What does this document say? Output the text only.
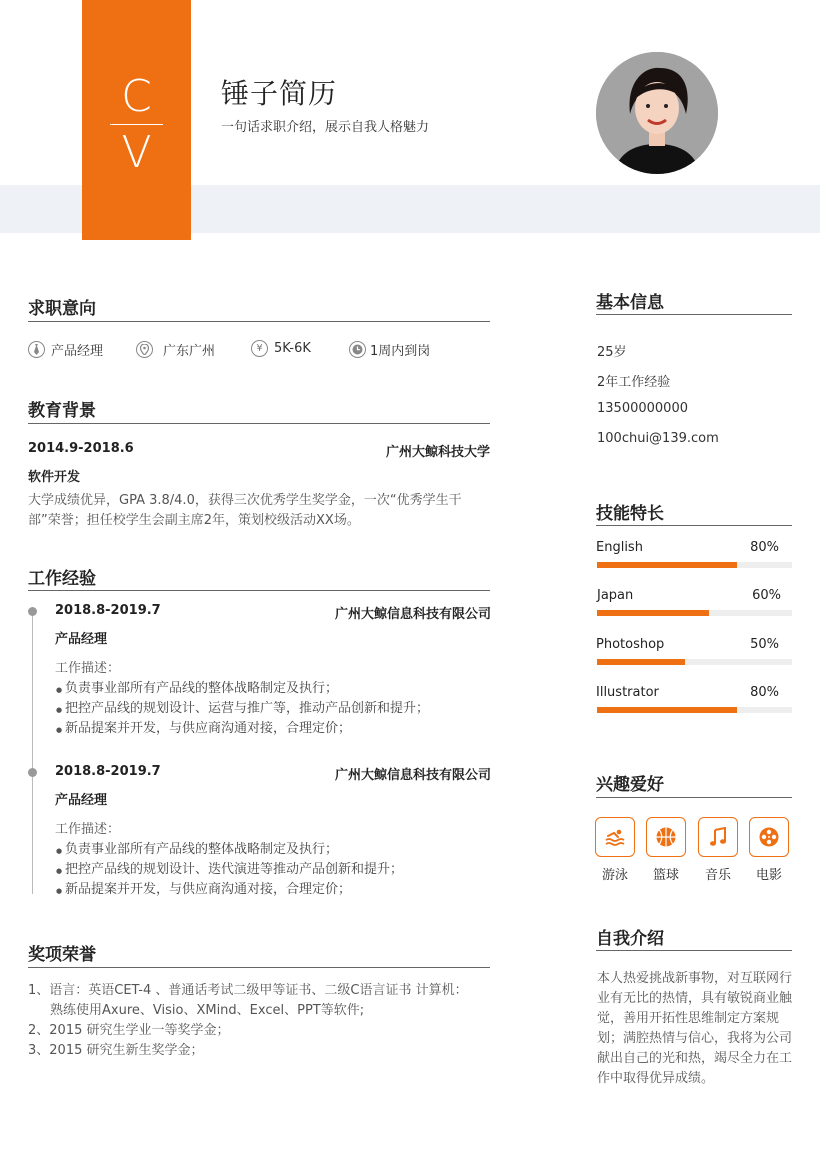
C
V
锤子简历
一句话求职介绍，展示自我人格魅力
求职意向
产品经理	广东广州	¥ 5K-6K	1周内到岗
教育背景
2014.9-2018.6	广州大鲸科技大学
软件开发
大学成绩优异，GPA 3.8/4.0，获得三次优秀学生奖学金，一次“优秀学生干
部”荣誉；担任校学生会副主席2年，策划校级活动XX场。
工作经验
2018.8-2019.7	广州大鲸信息科技有限公司
产品经理
工作描述：
● 负责事业部所有产品线的整体战略制定及执行；
● 把控产品线的规划设计、运营与推广等，推动产品创新和提升；
● 新品提案并开发，与供应商沟通对接，合理定价；
2018.8-2019.7	广州大鲸信息科技有限公司
产品经理
工作描述：
● 负责事业部所有产品线的整体战略制定及执行；
● 把控产品线的规划设计、迭代演进等推动产品创新和提升；
● 新品提案并开发，与供应商沟通对接，合理定价；
奖项荣誉
1、语言：英语CET-4 、普通话考试二级甲等证书、二级C语言证书 计算机：
熟练使用Axure、Visio、XMind、Excel、PPT等软件;
2、2015 研究生学业一等奖学金；
3、2015 研究生新生奖学金；
基本信息
25岁
2年工作经验
13500000000
100chui@139.com
技能特长
English	80%
Japan	60%
Photoshop	50%
Illustrator	80%
兴趣爱好
游泳	篮球	音乐	电影
自我介绍
本人热爱挑战新事物，对互联网行业有无比的热情，具有敏锐商业触觉，善用开拓性思维制定方案规划；满腔热情与信心，我将为公司献出自己的光和热，竭尽全力在工作中取得优异成绩。
